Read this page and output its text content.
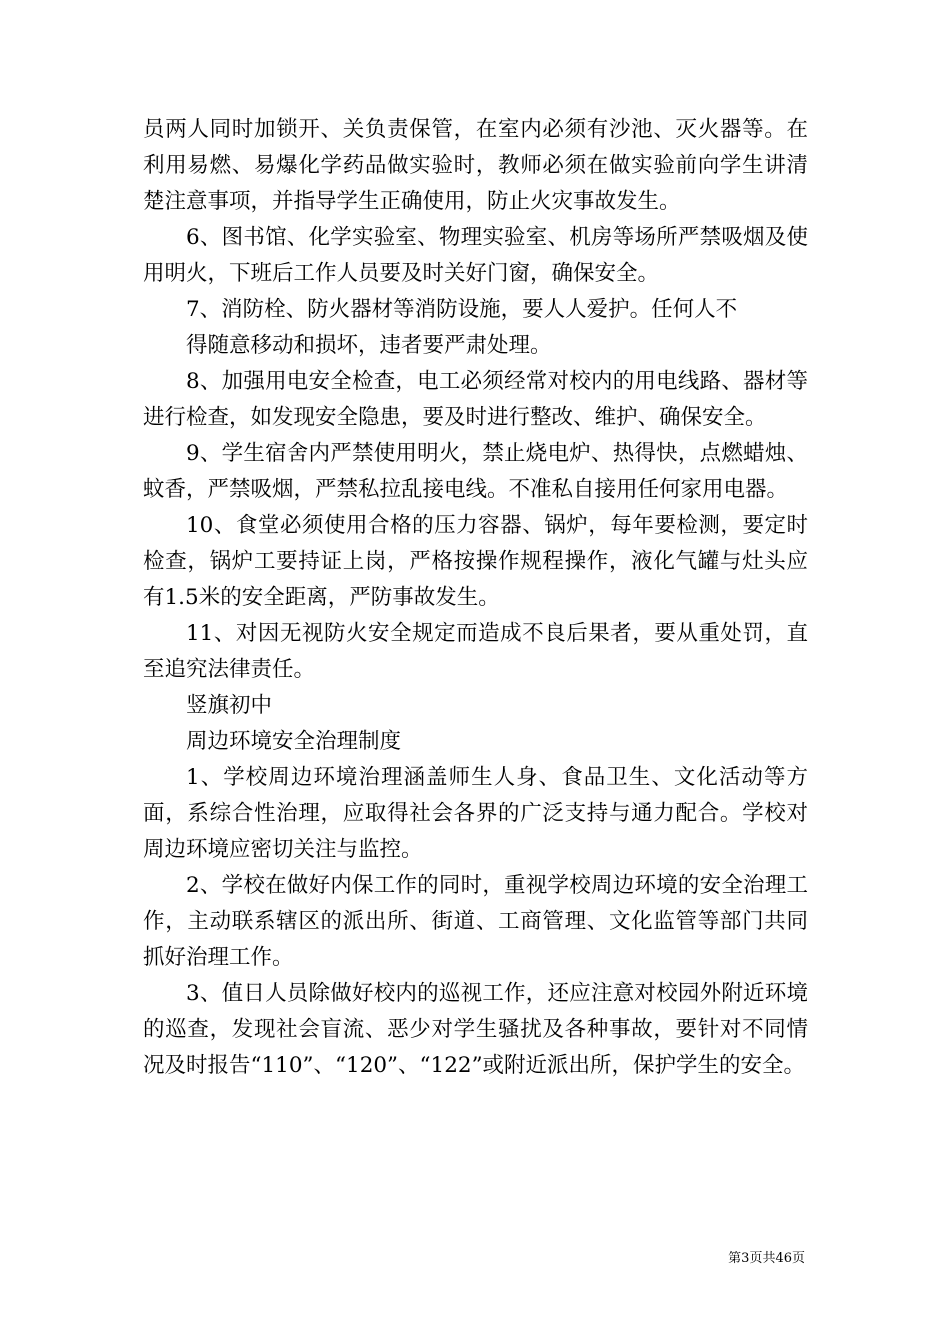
员两人同时加锁开、关负责保管，在室内必须有沙池、灭火器等。在利用易燃、易爆化学药品做实验时，教师必须在做实验前向学生讲清楚注意事项，并指导学生正确使用，防止火灾事故发生。

6、图书馆、化学实验室、物理实验室、机房等场所严禁吸烟及使用明火，下班后工作人员要及时关好门窗，确保安全。

7、消防栓、防火器材等消防设施，要人人爱护。任何人不

得随意移动和损坏，违者要严肃处理。

8、加强用电安全检查，电工必须经常对校内的用电线路、器材等进行检查，如发现安全隐患，要及时进行整改、维护、确保安全。

9、学生宿舍内严禁使用明火，禁止烧电炉、热得快，点燃蜡烛、蚊香，严禁吸烟，严禁私拉乱接电线。不准私自接用任何家用电器。

10、食堂必须使用合格的压力容器、锅炉，每年要检测，要定时检查，锅炉工要持证上岗，严格按操作规程操作，液化气罐与灶头应有1.5米的安全距离，严防事故发生。

11、对因无视防火安全规定而造成不良后果者，要从重处罚，直至追究法律责任。

竖旗初中

周边环境安全治理制度

1、学校周边环境治理涵盖师生人身、食品卫生、文化活动等方面，系综合性治理，应取得社会各界的广泛支持与通力配合。学校对周边环境应密切关注与监控。

2、学校在做好内保工作的同时，重视学校周边环境的安全治理工作，主动联系辖区的派出所、街道、工商管理、文化监管等部门共同抓好治理工作。

3、值日人员除做好校内的巡视工作，还应注意对校园外附近环境的巡查，发现社会盲流、恶少对学生骚扰及各种事故，要针对不同情况及时报告“110”、“120”、“122”或附近派出所，保护学生的安全。

第3页共46页
